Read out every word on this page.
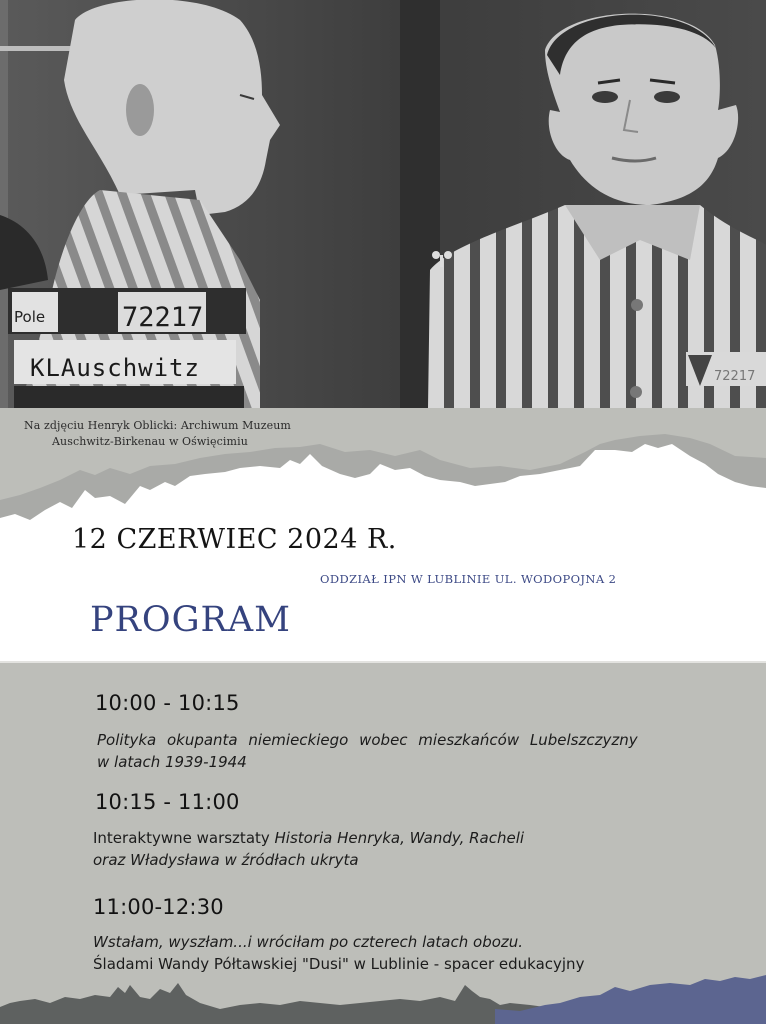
Pole	72217
KLAuschwitz	72217
Na zdjęciu Henryk Oblicki: Archiwum Muzeum
Auschwitz-Birkenau w Oświęcimiu
12 CZERWIEC 2024 R.
ODDZIAŁ IPN W LUBLINIE UL. WODOPOJNA 2
PROGRAM
10:00 - 10:15
Polityka okupanta niemieckiego wobec mieszkańców Lubelszczyzny
w latach 1939-1944
10:15 - 11:00
Interaktywne warsztaty Historia Henryka, Wandy, Racheli
oraz Władysława w źródłach ukryta
11:00-12:30
Wstałam, wyszłam...i wróciłam po czterech latach obozu.
Śladami Wandy Półtawskiej "Dusi" w Lublinie - spacer edukacyjny
